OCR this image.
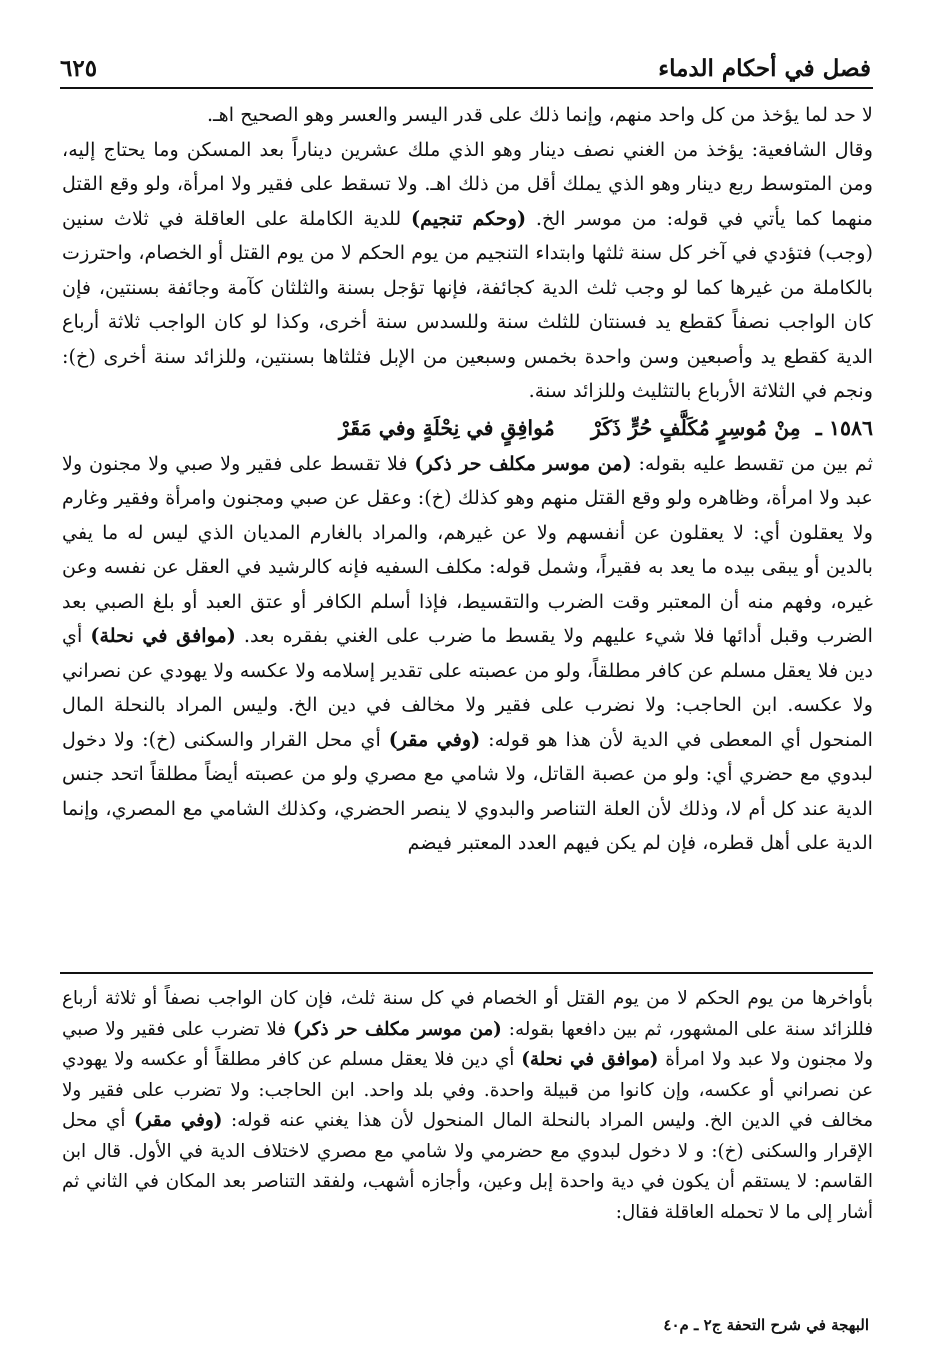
فصل في أحكام الدماء
٦٢٥

لا حد لما يؤخذ من كل واحد منهم، وإنما ذلك على قدر اليسر والعسر وهو الصحيح اهـ.

وقال الشافعية: يؤخذ من الغني نصف دينار وهو الذي ملك عشرين ديناراً بعد المسكن وما يحتاج إليه، ومن المتوسط ربع دينار وهو الذي يملك أقل من ذلك اهـ. ولا تسقط على فقير ولا امرأة، ولو وقع القتل منهما كما يأتي في قوله: من موسر الخ. (وحكم تنجيم) للدية الكاملة على العاقلة في ثلاث سنين (وجب) فتؤدي في آخر كل سنة ثلثها وابتداء التنجيم من يوم الحكم لا من يوم القتل أو الخصام، واحترزت بالكاملة من غيرها كما لو وجب ثلث الدية كجائفة، فإنها تؤجل بسنة والثلثان كآمة وجائفة بسنتين، فإن كان الواجب نصفاً كقطع يد فسنتان للثلث سنة وللسدس سنة أخرى، وكذا لو كان الواجب ثلاثة أرباع الدية كقطع يد وأصبعين وسن واحدة بخمس وسبعين من الإبل فثلثاها بسنتين، وللزائد سنة أخرى (خ): ونجم في الثلاثة الأرباع بالتثليث وللزائد سنة.

١٥٨٦ ـ مِنْ مُوسِرٍ مُكَلَّفٍ حُرٍّ ذَكَرْ  مُوافِقٍ في نِحْلَةٍ وفي مَقَرْ

ثم بين من تقسط عليه بقوله: (من موسر مكلف حر ذكر) فلا تقسط على فقير ولا صبي ولا مجنون ولا عبد ولا امرأة، وظاهره ولو وقع القتل منهم وهو كذلك (خ): وعقل عن صبي ومجنون وامرأة وفقير وغارم ولا يعقلون أي: لا يعقلون عن أنفسهم ولا عن غيرهم، والمراد بالغارم المديان الذي ليس له ما يفي بالدين أو يبقى بيده ما يعد به فقيراً، وشمل قوله: مكلف السفيه فإنه كالرشيد في العقل عن نفسه وعن غيره، وفهم منه أن المعتبر وقت الضرب والتقسيط، فإذا أسلم الكافر أو عتق العبد أو بلغ الصبي بعد الضرب وقبل أدائها فلا شيء عليهم ولا يقسط ما ضرب على الغني بفقره بعد. (موافق في نحلة) أي دين فلا يعقل مسلم عن كافر مطلقاً، ولو من عصبته على تقدير إسلامه ولا عكسه ولا يهودي عن نصراني ولا عكسه. ابن الحاجب: ولا نضرب على فقير ولا مخالف في دين الخ. وليس المراد بالنحلة المال المنحول أي المعطى في الدية لأن هذا هو قوله: (وفي مقر) أي محل القرار والسكنى (خ): ولا دخول لبدوي مع حضري أي: ولو من عصبة القاتل، ولا شامي مع مصري ولو من عصبته أيضاً مطلقاً اتحد جنس الدية عند كل أم لا، وذلك لأن العلة التناصر والبدوي لا ينصر الحضري، وكذلك الشامي مع المصري، وإنما الدية على أهل قطره، فإن لم يكن فيهم العدد المعتبر فيضم

بأواخرها من يوم الحكم لا من يوم القتل أو الخصام في كل سنة ثلث، فإن كان الواجب نصفاً أو ثلاثة أرباع فللزائد سنة على المشهور، ثم بين دافعها بقوله: (من موسر مكلف حر ذكر) فلا تضرب على فقير ولا صبي ولا مجنون ولا عبد ولا امرأة (موافق في نحلة) أي دين فلا يعقل مسلم عن كافر مطلقاً أو عكسه ولا يهودي عن نصراني أو عكسه، وإن كانوا من قبيلة واحدة. وفي بلد واحد. ابن الحاجب: ولا تضرب على فقير ولا مخالف في الدين الخ. وليس المراد بالنحلة المال المنحول لأن هذا يغني عنه قوله: (وفي مقر) أي محل الإقرار والسكنى (خ): و لا دخول لبدوي مع حضرمي ولا شامي مع مصري لاختلاف الدية في الأول. قال ابن القاسم: لا يستقم أن يكون في دية واحدة إبل وعين، وأجازه أشهب، ولفقد التناصر بعد المكان في الثاني ثم أشار إلى ما لا تحمله العاقلة فقال:

البهجة في شرح التحفة ج٢ ـ م٤٠
